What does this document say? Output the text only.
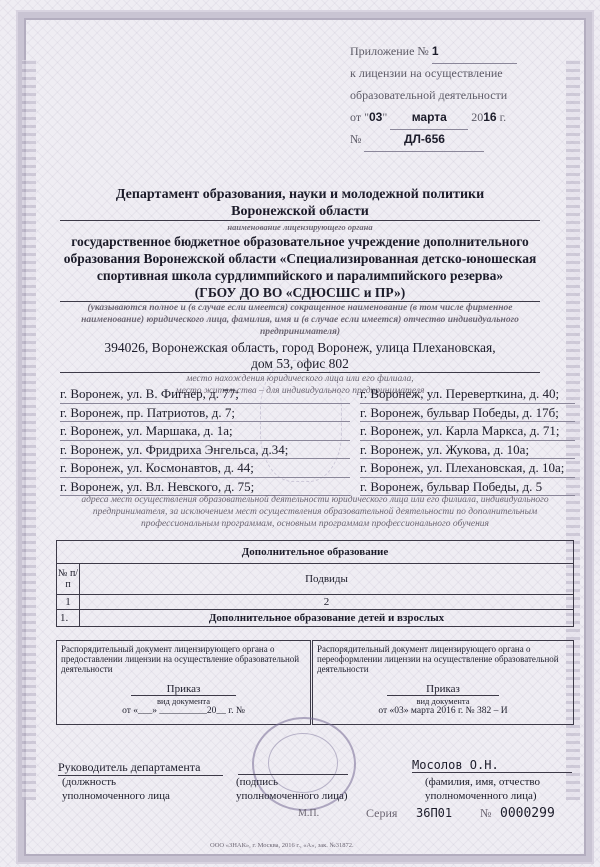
Приложение № 1
к лицензии на осуществление
образовательной деятельности
от "03" марта 2016 г.
№	ДЛ-656
Департамент образования, науки и молодежной политики
Воронежской области
наименование лицензирующего органа
государственное бюджетное образовательное учреждение дополнительного
образования Воронежской области «Специализированная детско-юношеская
спортивная школа сурдлимпийского и паралимпийского резерва»
(ГБОУ ДО ВО «СДЮСШС и ПР»)
(указываются полное и (в случае если имеется) сокращенное наименование (в том числе фирменное наименование) юридического лица, фамилия, имя и (в случае если имеется) отчество индивидуального предпринимателя)
394026, Воронежская область, город Воронеж, улица Плехановская,
дом 53, офис 802
место нахождения юридического лица или его филиала,
место жительства – для индивидуального предпринимателя
г. Воронеж, ул. В. Фигнер, д. 77;
г. Воронеж, пр. Патриотов, д. 7;
г. Воронеж, ул. Маршака, д. 1а;
г. Воронеж, ул. Фридриха Энгельса, д.34;
г. Воронеж, ул. Космонавтов, д. 44;
г. Воронеж, ул. Вл. Невского, д. 75;
г. Воронеж, ул. Переверткина, д. 40;
г. Воронеж, бульвар Победы, д. 17б;
г. Воронеж, ул. Карла Маркса, д. 71;
г. Воронеж, ул. Жукова, д. 10а;
г. Воронеж, ул. Плехановская, д. 10а;
г. Воронеж, бульвар Победы, д. 5
адреса мест осуществления образовательной деятельности юридического лица или его филиала, индивидуального предпринимателя, за исключением мест осуществления образовательной деятельности по дополнительным профессиональным программам, основным программам профессионального обучения
Дополнительное образование	
№ п/п	Подвиды
1	2
1.	Дополнительное образование детей и взрослых
Распорядительный документ лицензирующего органа о предоставлении лицензии на осуществление образовательной деятельности
Приказ
вид документа
от «___» __________20__ г. №
Распорядительный документ лицензирующего органа о переоформлении лицензии на осуществление образовательной деятельности
Приказ
вид документа
от «03» марта 2016 г. № 382 – И
Руководитель департамента
(должность
уполномоченного лица
(подпись
уполномоченного лица)
Мосолов О.Н.
(фамилия, имя, отчество
уполномоченного лица)
М.П.	Серия 36П01 № 0000299
ООО «ЗНАК», г. Москва, 2016 г., «А», зак. №31872.
